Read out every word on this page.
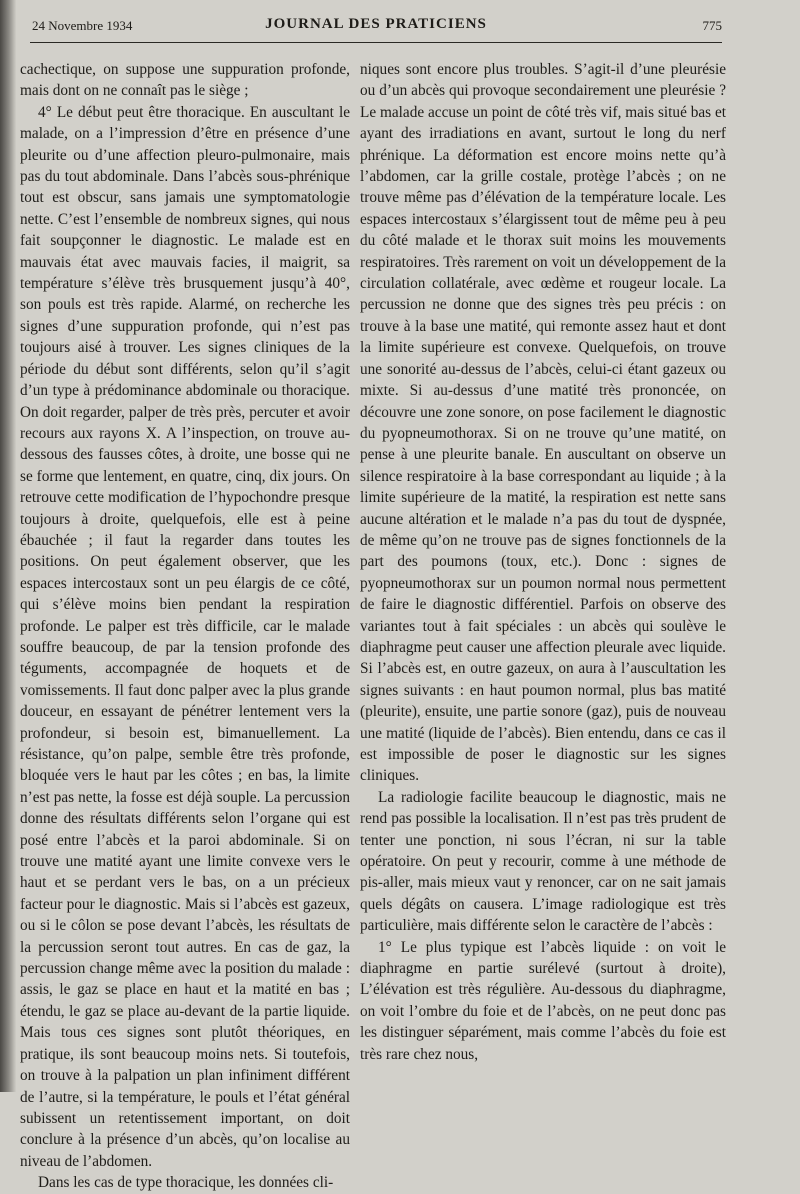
24 Novembre 1934	JOURNAL DES PRATICIENS	775

cachectique, on suppose une suppuration profonde, mais dont on ne connaît pas le siège ;

4° Le début peut être thoracique. En auscultant le malade, on a l’impression d’être en présence d’une pleurite ou d’une affection pleuro-pulmonaire, mais pas du tout abdominale. Dans l’abcès sous-phrénique tout est obscur, sans jamais une symptomatologie nette. C’est l’ensemble de nombreux signes, qui nous fait soupçonner le diagnostic. Le malade est en mauvais état avec mauvais facies, il maigrit, sa température s’élève très brusquement jusqu’à 40°, son pouls est très rapide. Alarmé, on recherche les signes d’une suppuration profonde, qui n’est pas toujours aisé à trouver. Les signes cliniques de la période du début sont différents, selon qu’il s’agit d’un type à prédominance abdominale ou thoracique. On doit regarder, palper de très près, percuter et avoir recours aux rayons X. A l’inspection, on trouve au-dessous des fausses côtes, à droite, une bosse qui ne se forme que lentement, en quatre, cinq, dix jours. On retrouve cette modification de l’hypochondre presque toujours à droite, quelquefois, elle est à peine ébauchée ; il faut la regarder dans toutes les positions. On peut également observer, que les espaces intercostaux sont un peu élargis de ce côté, qui s’élève moins bien pendant la respiration profonde. Le palper est très difficile, car le malade souffre beaucoup, de par la tension profonde des téguments, accompagnée de hoquets et de vomissements. Il faut donc palper avec la plus grande douceur, en essayant de pénétrer lentement vers la profondeur, si besoin est, bimanuellement. La résistance, qu’on palpe, semble être très profonde, bloquée vers le haut par les côtes ; en bas, la limite n’est pas nette, la fosse est déjà souple. La percussion donne des résultats différents selon l’organe qui est posé entre l’abcès et la paroi abdominale. Si on trouve une matité ayant une limite convexe vers le haut et se perdant vers le bas, on a un précieux facteur pour le diagnostic. Mais si l’abcès est gazeux, ou si le côlon se pose devant l’abcès, les résultats de la percussion seront tout autres. En cas de gaz, la percussion change même avec la position du malade : assis, le gaz se place en haut et la matité en bas ; étendu, le gaz se place au-devant de la partie liquide. Mais tous ces signes sont plutôt théoriques, en pratique, ils sont beaucoup moins nets. Si toutefois, on trouve à la palpation un plan infiniment différent de l’autre, si la température, le pouls et l’état général subissent un retentissement important, on doit conclure à la présence d’un abcès, qu’on localise au niveau de l’abdomen.

Dans les cas de type thoracique, les données cli-

niques sont encore plus troubles. S’agit-il d’une pleurésie ou d’un abcès qui provoque secondairement une pleurésie ? Le malade accuse un point de côté très vif, mais situé bas et ayant des irradiations en avant, surtout le long du nerf phrénique. La déformation est encore moins nette qu’à l’abdomen, car la grille costale, protège l’abcès ; on ne trouve même pas d’élévation de la température locale. Les espaces intercostaux s’élargissent tout de même peu à peu du côté malade et le thorax suit moins les mouvements respiratoires. Très rarement on voit un développement de la circulation collatérale, avec œdème et rougeur locale. La percussion ne donne que des signes très peu précis : on trouve à la base une matité, qui remonte assez haut et dont la limite supérieure est convexe. Quelquefois, on trouve une sonorité au-dessus de l’abcès, celui-ci étant gazeux ou mixte. Si au-dessus d’une matité très prononcée, on découvre une zone sonore, on pose facilement le diagnostic du pyopneumothorax. Si on ne trouve qu’une matité, on pense à une pleurite banale. En auscultant on observe un silence respiratoire à la base correspondant au liquide ; à la limite supérieure de la matité, la respiration est nette sans aucune altération et le malade n’a pas du tout de dyspnée, de même qu’on ne trouve pas de signes fonctionnels de la part des poumons (toux, etc.). Donc : signes de pyopneumothorax sur un poumon normal nous permettent de faire le diagnostic différentiel. Parfois on observe des variantes tout à fait spéciales : un abcès qui soulève le diaphragme peut causer une affection pleurale avec liquide. Si l’abcès est, en outre gazeux, on aura à l’auscultation les signes suivants : en haut poumon normal, plus bas matité (pleurite), ensuite, une partie sonore (gaz), puis de nouveau une matité (liquide de l’abcès). Bien entendu, dans ce cas il est impossible de poser le diagnostic sur les signes cliniques.

La radiologie facilite beaucoup le diagnostic, mais ne rend pas possible la localisation. Il n’est pas très prudent de tenter une ponction, ni sous l’écran, ni sur la table opératoire. On peut y recourir, comme à une méthode de pis-aller, mais mieux vaut y renoncer, car on ne sait jamais quels dégâts on causera. L’image radiologique est très particulière, mais différente selon le caractère de l’abcès :

1° Le plus typique est l’abcès liquide : on voit le diaphragme en partie surélevé (surtout à droite), L’élévation est très régulière. Au-dessous du diaphragme, on voit l’ombre du foie et de l’abcès, on ne peut donc pas les distinguer séparément, mais comme l’abcès du foie est très rare chez nous,
